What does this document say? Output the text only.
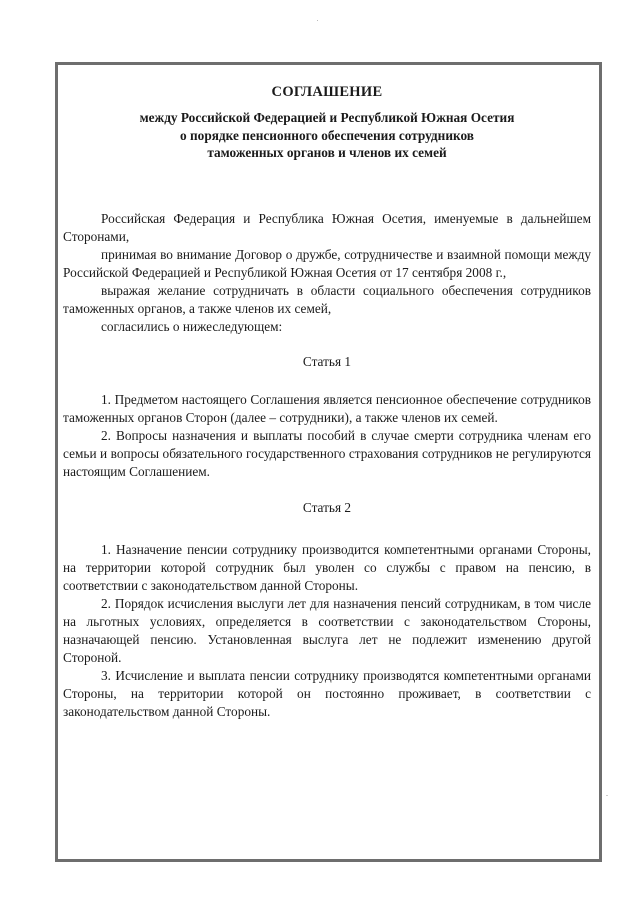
СОГЛАШЕНИЕ
между Российской Федерацией и Республикой Южная Осетия
о порядке пенсионного обеспечения сотрудников
таможенных органов и членов их семей

Российская Федерация и Республика Южная Осетия, именуемые в дальнейшем Сторонами,

принимая во внимание Договор о дружбе, сотрудничестве и взаимной помощи между Российской Федерацией и Республикой Южная Осетия от 17 сентября 2008 г.,

выражая желание сотрудничать в области социального обеспечения сотрудников таможенных органов, а также членов их семей,

согласились о нижеследующем:

Статья 1

1. Предметом настоящего Соглашения является пенсионное обеспечение сотрудников таможенных органов Сторон (далее – сотрудники), а также членов их семей.

2. Вопросы назначения и выплаты пособий в случае смерти сотрудника членам его семьи и вопросы обязательного государственного страхования сотрудников не регулируются настоящим Соглашением.

Статья 2

1. Назначение пенсии сотруднику производится компетентными органами Стороны, на территории которой сотрудник был уволен со службы с правом на пенсию, в соответствии с законодательством данной Стороны.

2. Порядок исчисления выслуги лет для назначения пенсий сотрудникам, в том числе на льготных условиях, определяется в соответствии с законодательством Стороны, назначающей пенсию. Установленная выслуга лет не подлежит изменению другой Стороной.

3. Исчисление и выплата пенсии сотруднику производятся компетентными органами Стороны, на территории которой он постоянно проживает, в соответствии с законодательством данной Стороны.
